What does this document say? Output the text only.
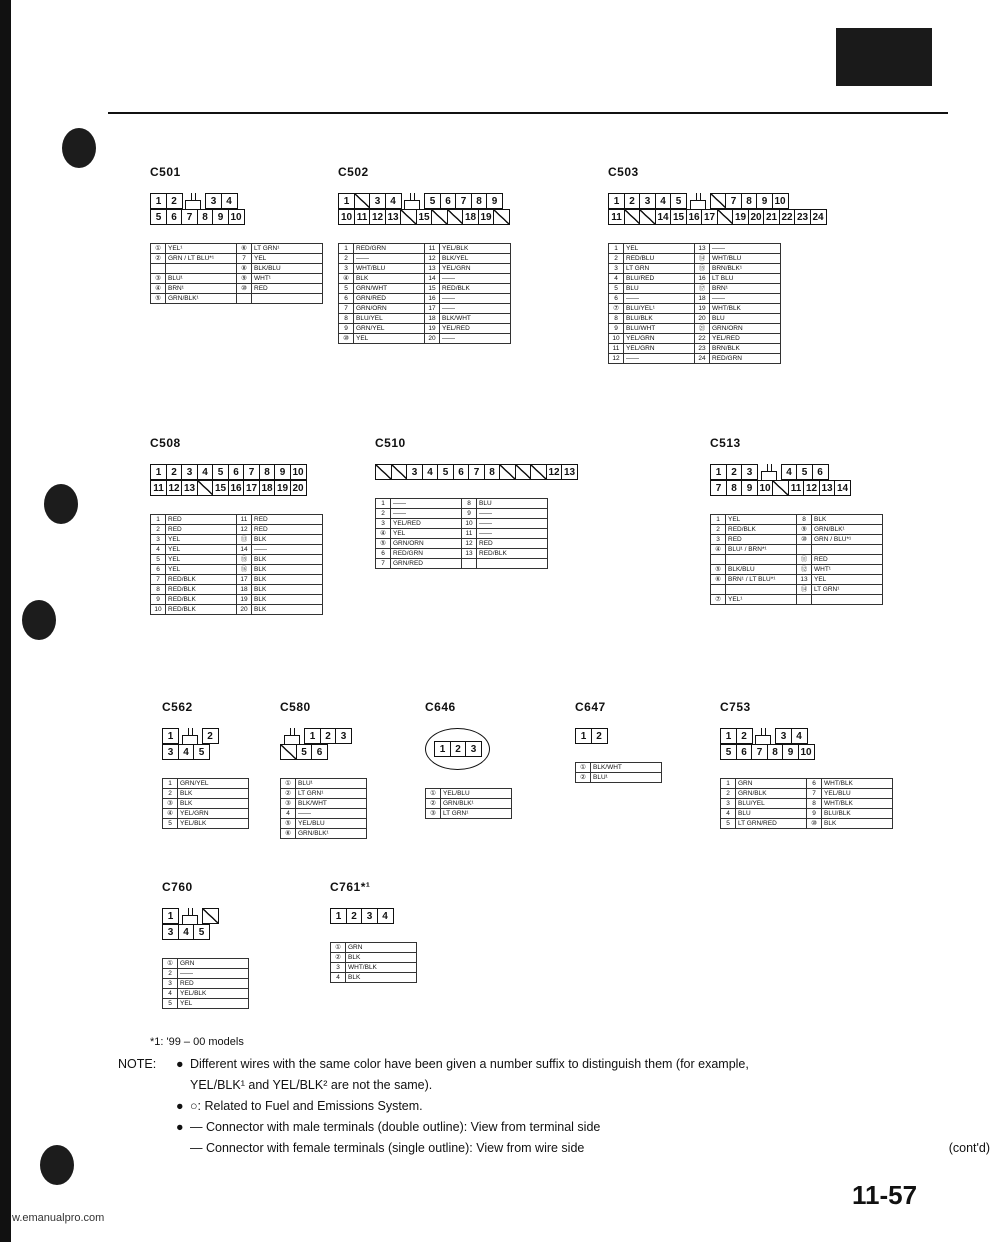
C501
1 2	3 4
5 6 7 8 9 10
①	YEL¹	⑥	LT GRN¹
②	GRN / LT BLU*¹	7	YEL
		⑧	BLK/BLU
③	BLU¹	⑨	WHT¹
④	BRN¹	⑩	RED
⑤	GRN/BLK¹		
C502
1	3 4	5 6 7 8 9
10 11 12 13 15	18 19
1	RED/GRN	11	YEL/BLK
2	——	12	BLK/YEL
3	WHT/BLU	13	YEL/GRN
④	BLK	14	——
5	GRN/WHT	15	RED/BLK
6	GRN/RED	16	——
7	GRN/ORN	17	——
8	BLU/YEL	18	BLK/WHT
9	GRN/YEL	19	YEL/RED
⑩	YEL	20	——
C503
1 2 3 4 5	7 8 9 10
11	14 15 16 17 19 20 21 22 23 24
1	YEL	13	——
2	RED/BLU	⑭	WHT/BLU
3	LT GRN	⑮	BRN/BLK¹
4	BLU/RED	16	LT BLU
5	BLU	⑰	BRN¹
6	——	18	——
⑦	BLU/YEL¹	19	WHT/BLK
8	BLU/BLK	20	BLU
9	BLU/WHT	㉑	GRN/ORN
10	YEL/GRN	22	YEL/RED
11	YEL/GRN	23	BRN/BLK
12	——	24	RED/GRN
C508
1 2 3 4 5 6 7 8 9 10
11 12 13 15 16 17 18 19 20
1	RED	11	RED
2	RED	12	RED
3	YEL	⑬	BLK
4	YEL	14	——
5	YEL	⑮	BLK
6	YEL	⑯	BLK
7	RED/BLK	17	BLK
8	RED/BLK	18	BLK
9	RED/BLK	19	BLK
10	RED/BLK	20	BLK
C510
3 4 5 6 7 8	12 13
1	——	8	BLU
2	——	9	——
3	YEL/RED	10	——
④	YEL	11	——
⑤	GRN/ORN	12	RED
6	RED/GRN	13	RED/BLK
7	GRN/RED		
C513
1 2 3	4 5 6
7 8 9 10	11 12 13 14
1	YEL	8	BLK
2	RED/BLK	⑨	GRN/BLK¹
3	RED	⑩	GRN / BLU*¹
④	BLU¹ / BRN*¹		
		⑪	RED
⑤	BLK/BLU	⑫	WHT¹
⑥	BRN¹ / LT BLU*¹	13	YEL
		⑭	LT GRN¹
⑦	YEL¹		
C562
1	2
3 4 5
1	GRN/YEL
2	BLK
③	BLK
④	YEL/GRN
5	YEL/BLK
C580
1 2 3
5 6
①	BLU¹
②	LT GRN¹
③	BLK/WHT
4	——
⑤	YEL/BLU
⑥	GRN/BLK¹
C646
1 2 3
①	YEL/BLU
②	GRN/BLK¹
③	LT GRN¹
C647
1 2
①	BLK/WHT
②	BLU¹
C753
1 2	3 4
5 6 7 8 9 10
1	GRN	6	WHT/BLK
2	GRN/BLK	7	YEL/BLU
3	BLU/YEL	8	WHT/BLK
4	BLU	9	BLU/BLK
5	LT GRN/RED	⑩	BLK
C760
1
3 4 5
①	GRN
2	——
3	RED
4	YEL/BLK
5	YEL
C761*¹
1 2 3 4
①	GRN
②	BLK
3	WHT/BLK
4	BLK
*1: '99 – 00 models
NOTE:	● Different wires with the same color have been given a number suffix to distinguish them (for example,
YEL/BLK¹ and YEL/BLK² are not the same).
● ○: Related to Fuel and Emissions System.
● — Connector with male terminals (double outline): View from terminal side
— Connector with female terminals (single outline): View from wire side	(cont'd)
w.emanualpro.com
11-57
